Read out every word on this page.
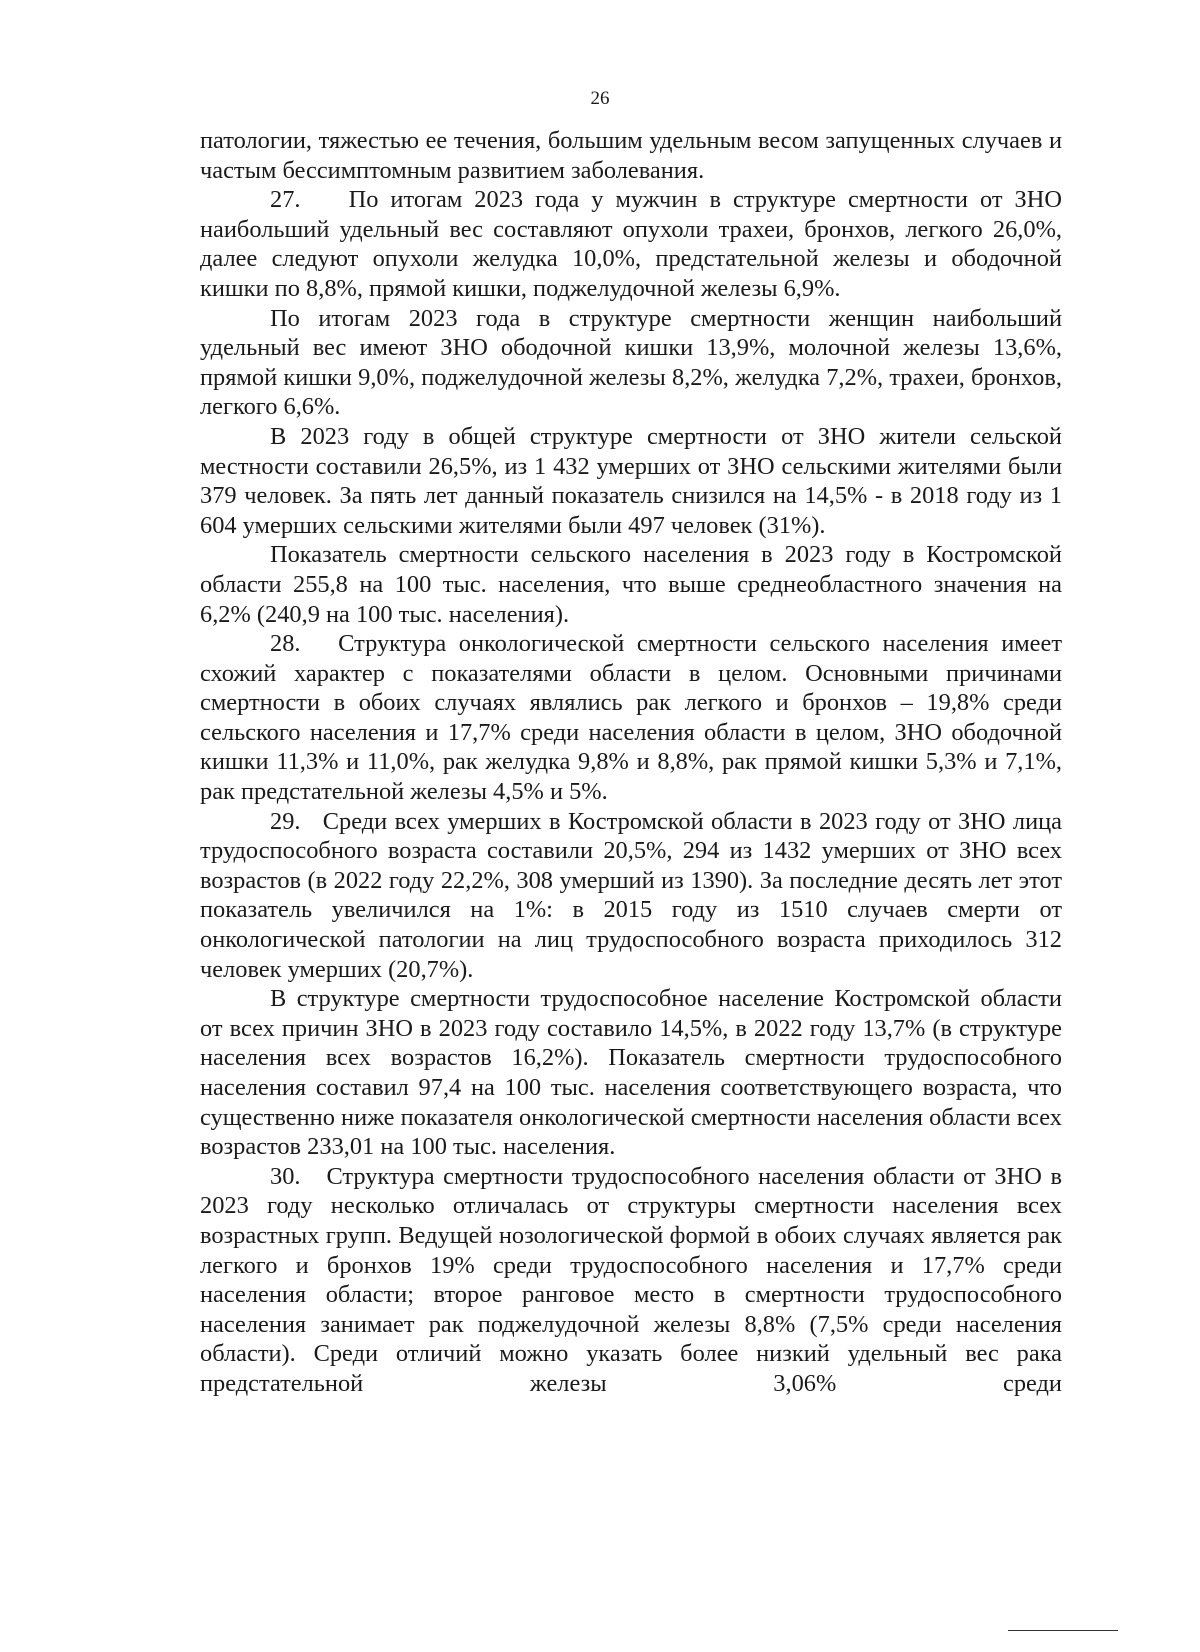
26

патологии, тяжестью ее течения, большим удельным весом запущенных случаев и частым бессимптомным развитием заболевания.

27.    По итогам 2023 года у мужчин в структуре смертности от ЗНО наибольший удельный вес составляют опухоли трахеи, бронхов, легкого 26,0%, далее следуют опухоли желудка 10,0%, предстательной железы и ободочной кишки по 8,8%, прямой кишки, поджелудочной железы 6,9%.

По итогам 2023 года в структуре смертности женщин наибольший удельный вес имеют ЗНО ободочной кишки 13,9%, молочной железы 13,6%, прямой кишки 9,0%, поджелудочной железы 8,2%, желудка 7,2%, трахеи, бронхов, легкого 6,6%.

В 2023 году в общей структуре смертности от ЗНО жители сельской местности составили 26,5%, из 1 432 умерших от ЗНО сельскими жителями были 379 человек. За пять лет данный показатель снизился на 14,5% - в 2018 году из 1 604 умерших сельскими жителями были 497 человек (31%).

Показатель смертности сельского населения в 2023 году в Костромской области 255,8 на 100 тыс. населения, что выше среднеобластного значения на 6,2% (240,9 на 100 тыс. населения).

28.   Структура онкологической смертности сельского населения имеет схожий характер с показателями области в целом. Основными причинами смертности в обоих случаях являлись рак легкого и бронхов – 19,8% среди сельского населения и 17,7% среди населения области в целом, ЗНО ободочной кишки 11,3% и 11,0%, рак желудка 9,8% и 8,8%, рак прямой кишки 5,3% и 7,1%, рак предстательной железы 4,5% и 5%.

29.   Среди всех умерших в Костромской области в 2023 году от ЗНО лица трудоспособного возраста составили 20,5%, 294 из 1432 умерших от ЗНО всех возрастов (в 2022 году 22,2%, 308 умерший из 1390). За последние десять лет этот показатель увеличился на 1%: в 2015 году из 1510 случаев смерти от онкологической патологии на лиц трудоспособного возраста приходилось 312 человек умерших (20,7%).

В структуре смертности трудоспособное население Костромской области от всех причин ЗНО в 2023 году составило 14,5%, в 2022 году 13,7% (в структуре населения всех возрастов 16,2%). Показатель смертности трудоспособного населения составил 97,4 на 100 тыс. населения соответствующего возраста, что существенно ниже показателя онкологической смертности населения области всех возрастов 233,01 на 100 тыс. населения.

30.   Структура смертности трудоспособного населения области от ЗНО в 2023 году несколько отличалась от структуры смертности населения всех возрастных групп. Ведущей нозологической формой в обоих случаях является рак легкого и бронхов 19% среди трудоспособного населения и 17,7% среди населения области; второе ранговое место в смертности трудоспособного населения занимает рак поджелудочной железы 8,8% (7,5% среди населения области). Среди отличий можно указать более низкий удельный вес рака предстательной железы 3,06% среди
